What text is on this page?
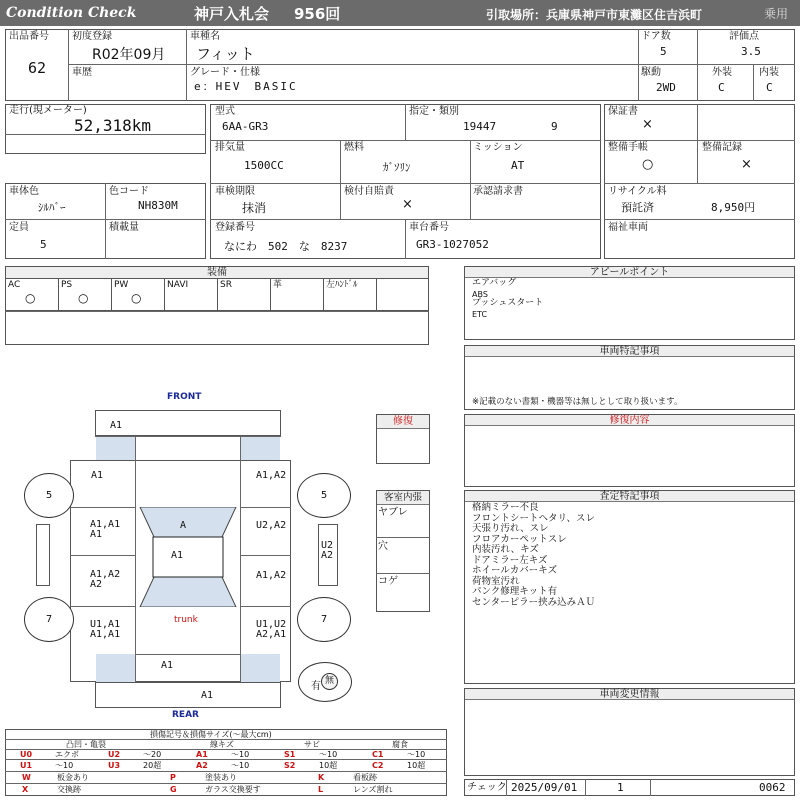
Condition Check	神戸入札会 956回	引取場所：兵庫県神戸市東灘区住吉浜町	乗用
出品番号
62
初度登録
R02年09月
車種名
フィット
ドア数
5
評価点
3.5
車歴	グレード・仕様
e：HEV　BASIC
駆動
2WD
外装
C
内装
C
走行(現メーター)
52,318km
型式
6AA-GR3
指定・類別
19447	9
排気量
1500CC
燃料
ｶﾞｿﾘﾝ
ミッション
AT
車検期限
抹消
検付自賠責
×
承認請求書
登録番号
なにわ　502　な　8237
車台番号
GR3-1027052
車体色
ｼﾙﾊﾞｰ
色コード
NH830M
定員
5
積載量
保証書
×
整備手帳
○
整備記録
×
リサイクル料
預託済	8,950円
福祉車両
装備
AC
○
PS
○
PW
○
NAVI	SR	革	左ﾊﾝﾄﾞﾙ
アピールポイント
エアバッグ
ABS
プッシュスタート
ETC
車両特記事項
※記載のない書類・機器等は無しとして取り扱います。
修復内容
査定特記事項
格納ミラー不良
フロントシートヘタリ、スレ
天張り汚れ、スレ
フロアカーペットスレ
内装汚れ、キズ
ドアミラー左キズ
ホイールカバーキズ
荷物室汚れ
パンク修理キット有
センターピラー挟み込みＡＵ
車両変更情報
チェック 2025/09/01	1	0062
FRONT
REAR
5	5
7	7
A1
A
A1
A1	A1,A2
A1,A1
A1
U2,A2
U2
A2
A1,A2
A2
A1,A2
U1,A1
A1,A1
U1,U2
A2,A1
A1
A1
trunk
修復
客室内張
ヤブレ
穴
コゲ
有 無
損傷記号＆損傷サイズ(〜最大cm)
凸凹・亀裂	線キズ	サビ	腐食
U0	エクボ	U2	〜20	A1	〜10	S1	〜10	C1	〜10
U1	〜10	U3	20超	A2	〜10	S2	10超	C2	10超
W	板金あり	P	塗装あり	K	看板跡
X	交換跡	G	ガラス交換要す	L	レンズ割れ
